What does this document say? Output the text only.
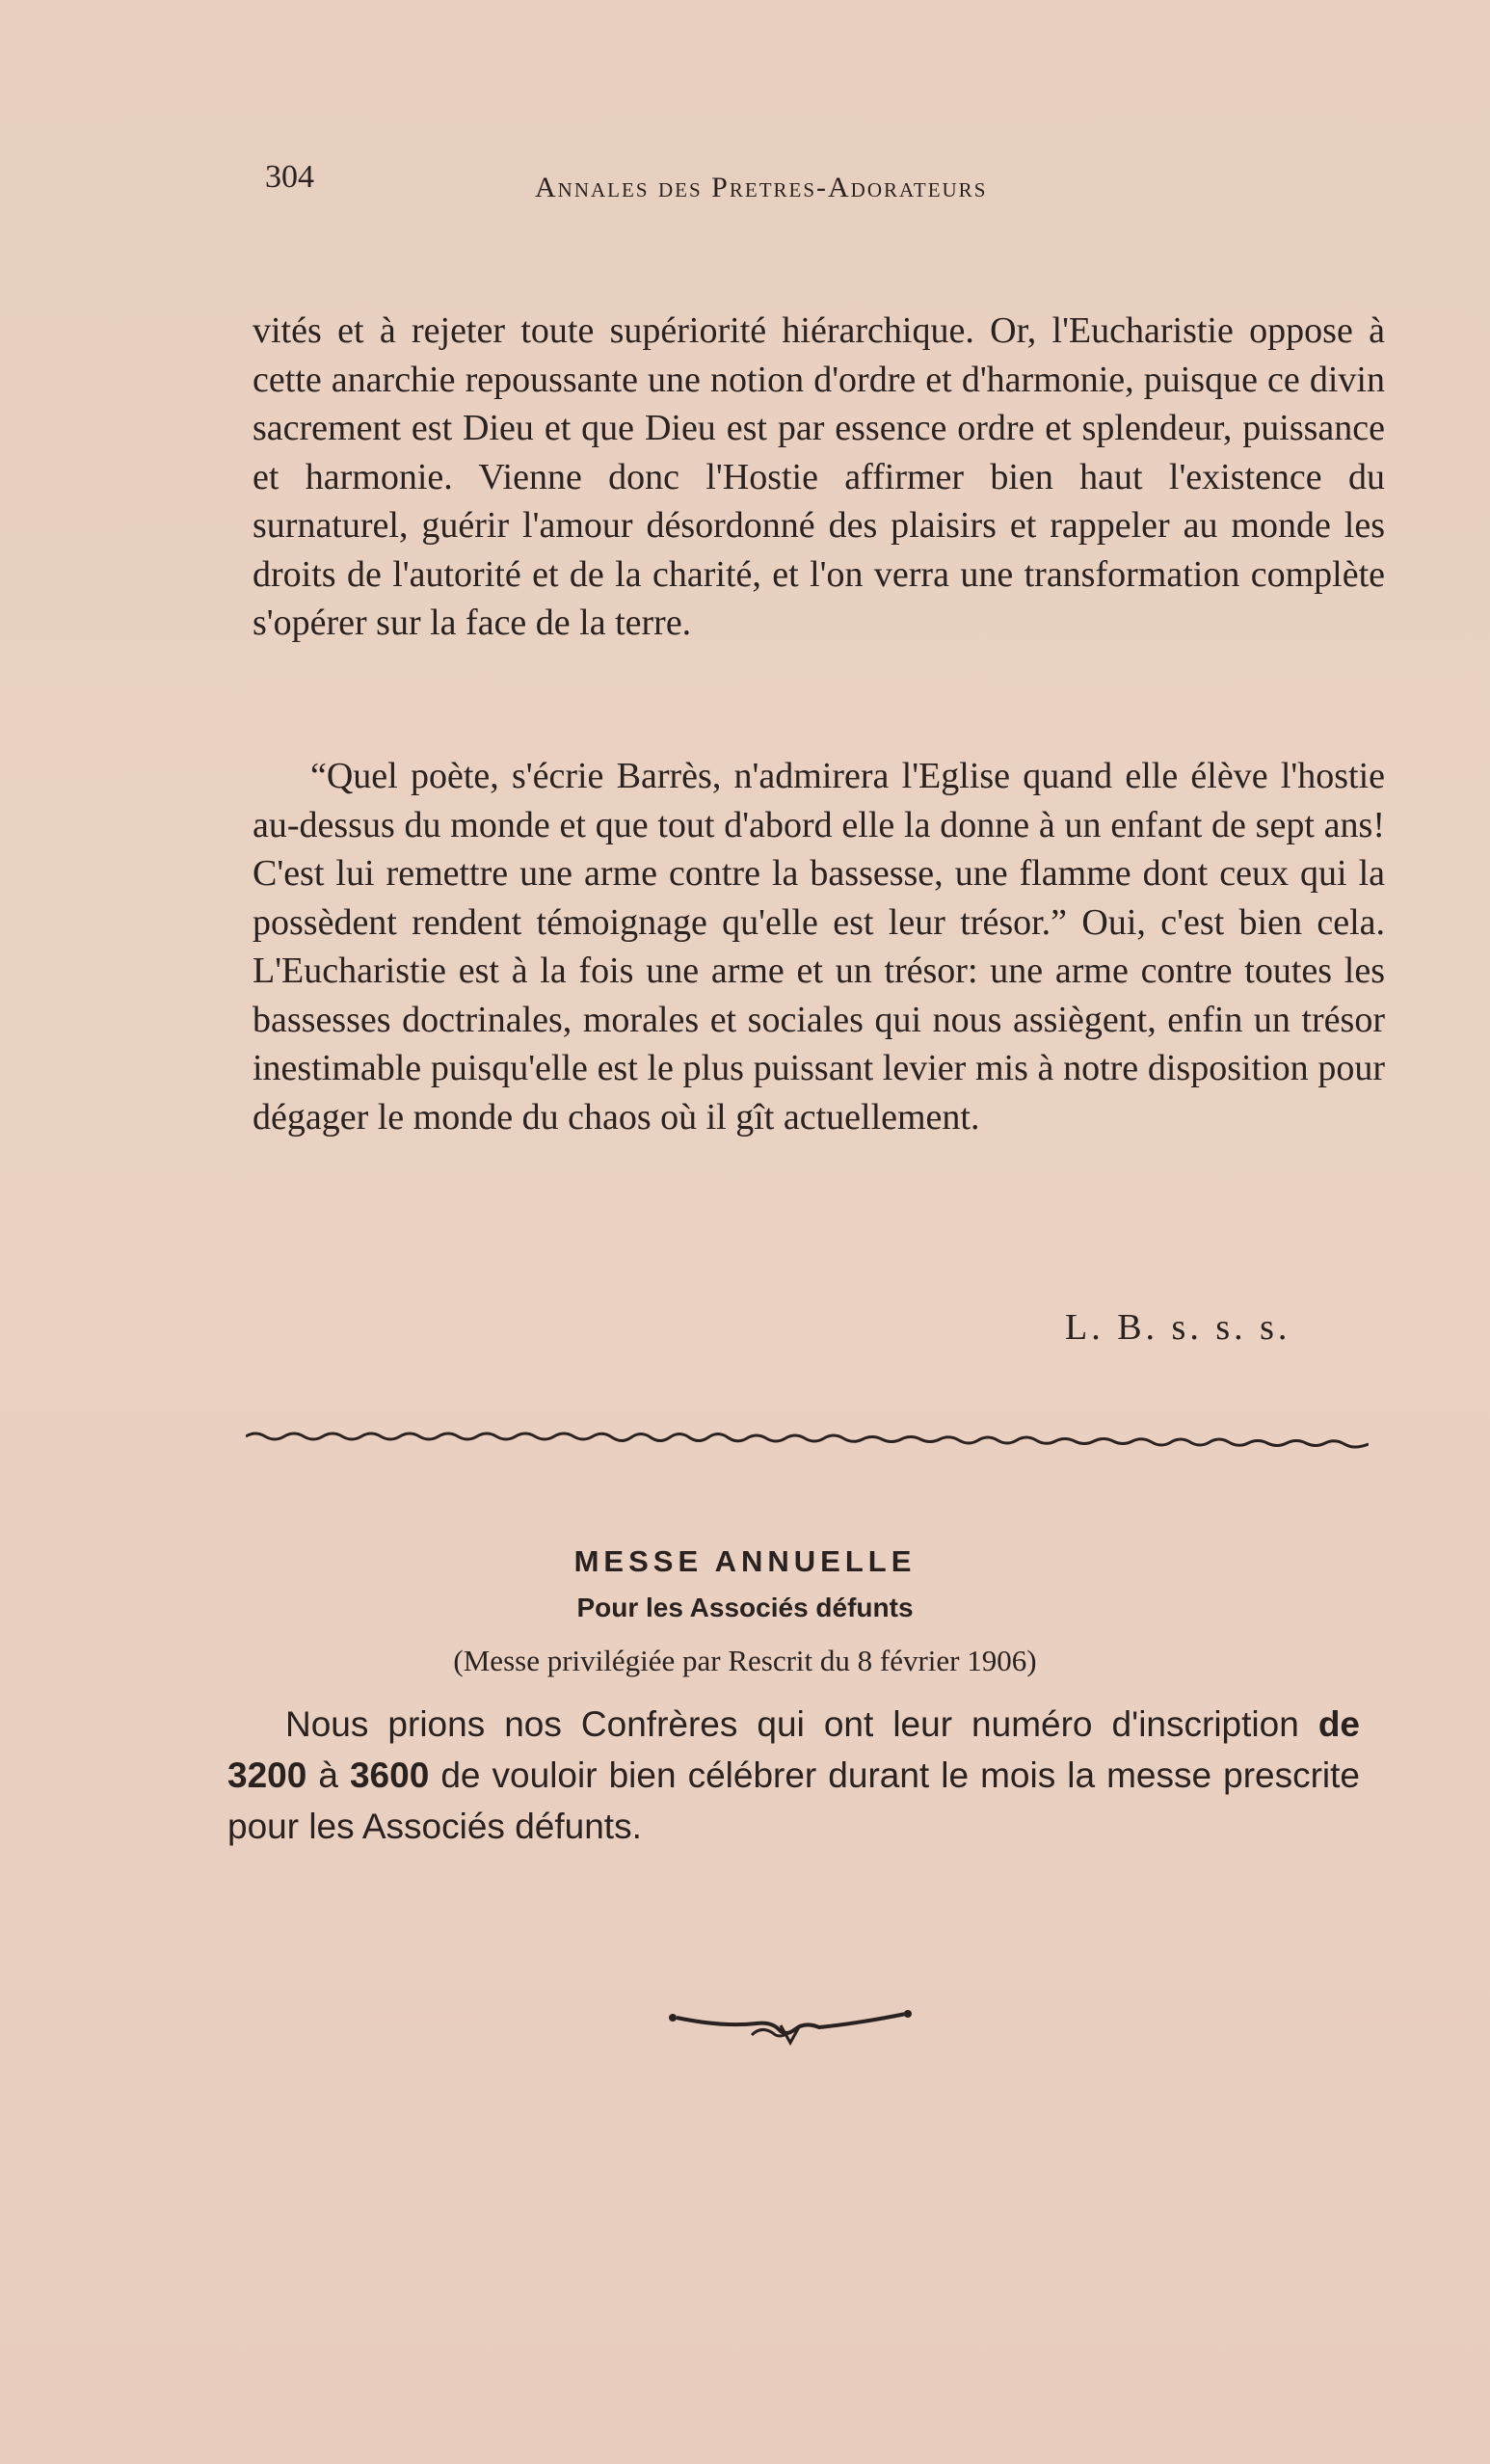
304	Annales des Pretres-Adorateurs

vités et à rejeter toute supériorité hiérarchique. Or, l'Eucharistie oppose à cette anarchie repoussante une notion d'ordre et d'harmonie, puisque ce divin sacrement est Dieu et que Dieu est par essence ordre et splendeur, puissance et harmonie. Vienne donc l'Hostie affirmer bien haut l'existence du surnaturel, guérir l'amour désordonné des plaisirs et rappeler au monde les droits de l'autorité et de la charité, et l'on verra une transformation complète s'opérer sur la face de la terre.

“Quel poète, s'écrie Barrès, n'admirera l'Eglise quand elle élève l'hostie au-dessus du monde et que tout d'abord elle la donne à un enfant de sept ans! C'est lui remettre une arme contre la bassesse, une flamme dont ceux qui la possèdent rendent témoignage qu'elle est leur trésor.” Oui, c'est bien cela. L'Eucharistie est à la fois une arme et un trésor: une arme contre toutes les bassesses doctrinales, morales et sociales qui nous assiègent, enfin un trésor inestimable puisqu'elle est le plus puissant levier mis à notre disposition pour dégager le monde du chaos où il gît actuellement.

L. B. s. s. s.
MESSE ANNUELLE
Pour les Associés défunts
(Messe privilégiée par Rescrit du 8 février 1906)

Nous prions nos Confrères qui ont leur numéro d'inscription de 3200 à 3600 de vouloir bien célébrer durant le mois la messe prescrite pour les Associés défunts.
